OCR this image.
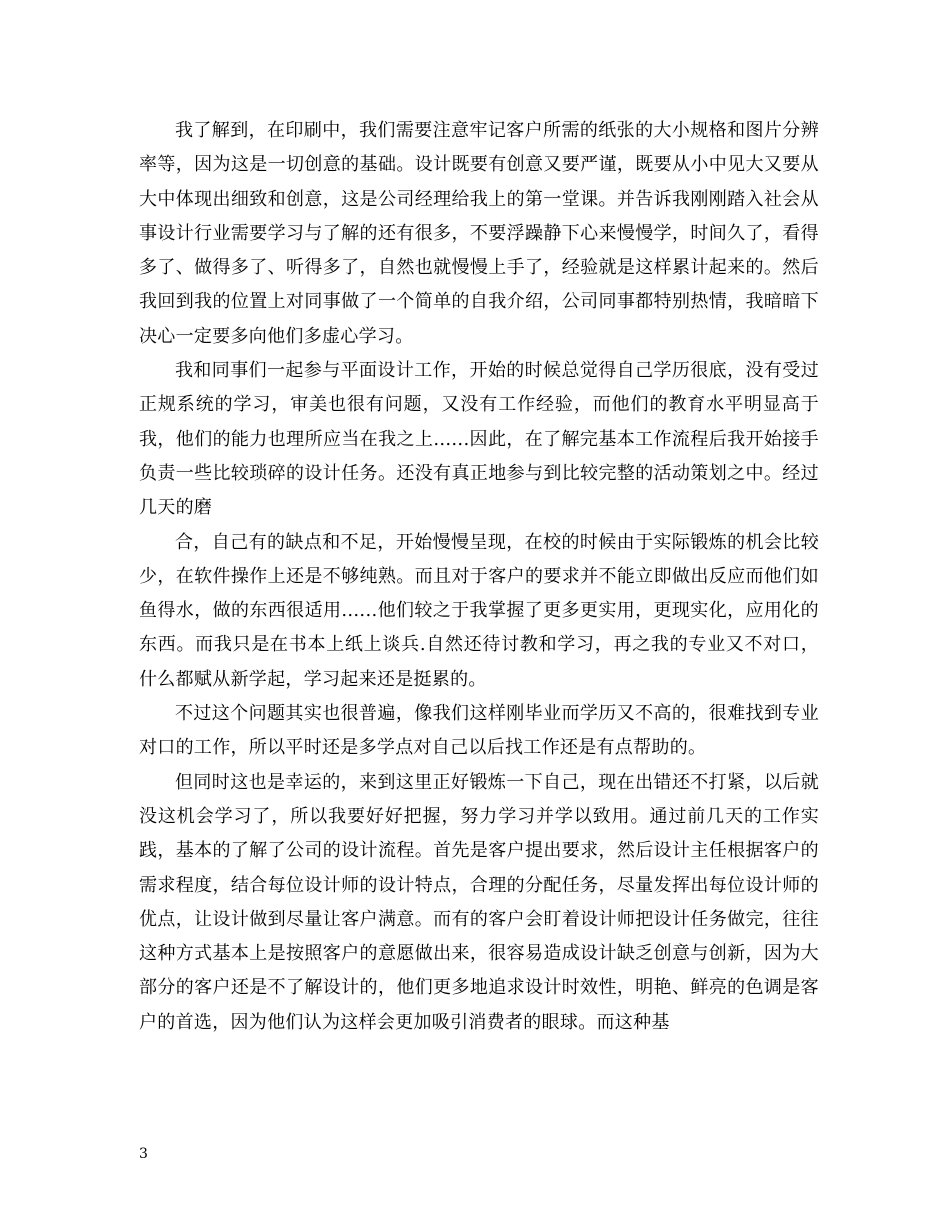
我了解到，在印刷中，我们需要注意牢记客户所需的纸张的大小规格和图片分辨率等，因为这是一切创意的基础。设计既要有创意又要严谨，既要从小中见大又要从大中体现出细致和创意，这是公司经理给我上的第一堂课。并告诉我刚刚踏入社会从事设计行业需要学习与了解的还有很多，不要浮躁静下心来慢慢学，时间久了，看得多了、做得多了、听得多了，自然也就慢慢上手了，经验就是这样累计起来的。然后我回到我的位置上对同事做了一个简单的自我介绍，公司同事都特别热情，我暗暗下决心一定要多向他们多虚心学习。

我和同事们一起参与平面设计工作，开始的时候总觉得自己学历很底，没有受过正规系统的学习，审美也很有问题，又没有工作经验，而他们的教育水平明显高于我，他们的能力也理所应当在我之上......因此，在了解完基本工作流程后我开始接手负责一些比较琐碎的设计任务。还没有真正地参与到比较完整的活动策划之中。经过几天的磨

合，自己有的缺点和不足，开始慢慢呈现，在校的时候由于实际锻炼的机会比较少，在软件操作上还是不够纯熟。而且对于客户的要求并不能立即做出反应而他们如鱼得水，做的东西很适用......他们较之于我掌握了更多更实用，更现实化，应用化的东西。而我只是在书本上纸上谈兵.自然还待讨教和学习，再之我的专业又不对口，什么都赋从新学起，学习起来还是挺累的。

不过这个问题其实也很普遍，像我们这样刚毕业而学历又不高的，很难找到专业对口的工作，所以平时还是多学点对自己以后找工作还是有点帮助的。

但同时这也是幸运的，来到这里正好锻炼一下自己，现在出错还不打紧，以后就没这机会学习了，所以我要好好把握，努力学习并学以致用。通过前几天的工作实践，基本的了解了公司的设计流程。首先是客户提出要求，然后设计主任根据客户的需求程度，结合每位设计师的设计特点，合理的分配任务，尽量发挥出每位设计师的优点，让设计做到尽量让客户满意。而有的客户会盯着设计师把设计任务做完，往往这种方式基本上是按照客户的意愿做出来，很容易造成设计缺乏创意与创新，因为大部分的客户还是不了解设计的，他们更多地追求设计时效性，明艳、鲜亮的色调是客户的首选，因为他们认为这样会更加吸引消费者的眼球。而这种基

3
